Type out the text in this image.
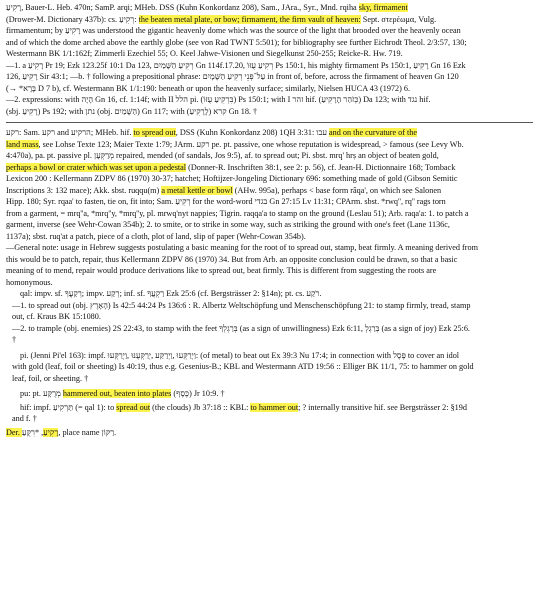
רָקִיעַ, Bauer-L. Heb. 470n; SamP. arqi; MHeb. DSS (Kuhn Konkordanz 208), Sam., JAra., Syr., Mnd. rqiha sky, firmament

(Drower-M. Dictionary 437b): cs. רְקִיעַ: the beaten metal plate, or bow; firmament, the firm vault of heaven: Sept. στερέωμα, Vulg.

firmamentum; by רָקִיעַ was understood the gigantic heavenly dome which was the source of the light that brooded over the heavenly ocean

and of which the dome arched above the earthly globe (see von Rad TWNT 5:501); for bibliography see further Eichrodt Theol. 2/3:57, 130;

Westermann BK 1/1:162f; Zimmerli Ezechiel 55; O. Keel Jahwe-Visionen und Siegelkunst 250-255; Reicke-R. Hw. 719.

—1. a רָקִיעַ Pr 19; Ezk 123.25f 10:1 Da 123, רְקִיעַ הַשָּׁמַיִם Gn 114f.17.20, רְקִיעַ עֻזּוֹ Ps 150:1, his mighty firmament Ps 150:1, רָקִיעַ Gn 16 Ezk

126, רָקִיעַ Sir 43:1; —b. † following a prepositional phrase: עַל־פְּנֵי רְקִיעַ הַשָּׁמָיִם in front of, before, across the firmament of heaven Gn 120

(→ *בָּרָא D 7 b), cf. Westermann BK 1/1:190: beneath or upon the heavenly surface; similarly, Nielsen HUCA 43 (1972) 6.

—2. expressions: with הָיָה Gn 16, cf. 1:14f; with II הלל pi. (בִּרְקִיעַ עֻזּוֹ) Ps 150:1; with I זהר hif. (כְּזֹהַר הָרָקִיעַ) Da 123; with נגד hif.

(sbj. רָקִיעַ) Ps 192; with נתן (obj. הַשָּׁמַיִם) Gn 117; with קרא (לָרָקִיעַ) Gn 18. †

רקע: Sam. רקע and הרקיע; MHeb. hif. to spread out, DSS (Kuhn Konkordanz 208) 1QH 3:31: עבו and on the curvature of the

land mass, see Lohse Texte 123; Maier Texte 1:79; JArm. רקע pe. pt. passive, one whose reputation is widespread, > famous (see Levy Wb.

4:470a), pa. pt. passive pl. מְרַקְּעָן repaired, mended (of sandals, Jos 9:5), af. to spread out; Pi. sbst. mrq' hrṣ an object of beaten gold,

perhaps a bowl or crater which was set upon a pedestal (Donner-R. Inschriften 38:1, see 2: p. 56), cf. Jean-H. Dictionnaire 168; Tomback

Lexicon 200 : Kellermann ZDPV 86 (1970) 30-37; hatchet; Hoftijzer-Jongeling Dictionary 696: something made of gold (Gibson Semitic

Inscriptions 3: 132 mace); Akk. sbst. ruqqu(m) a metal kettle or bowl (AHw. 995a), perhaps < base form râqa', on which see Salonen

Hipp. 180; Syr. rqaa' to fasten, tie on, fit into; Sam. רְקִיעַ for the word-word בגדי Gn 27:15 Lv 11:31; CPArm. sbst. *rwq'', rq'' rags torn

from a garment, = mrq''a, *mrq''y, *mrq''y, pl. mrwq'nyt nappies; Tigrin. raqqa'a to stamp on the ground (Leslau 51); Arb. raqa'a: 1. to patch a

garment, inverse (see Wehr-Cowan 354b); 2. to smite, or to strike in some way, such as striking the ground with one's feet (Lane 1136c,

1137a); sbst. ruq'at a patch, piece of a cloth, plot of land, slip of paper (Wehr-Cowan 354b).

—General note: usage in Hebrew suggests postulating a basic meaning for the root of to spread out, stamp, beat firmly. A meaning derived from

this would be to patch, repair, thus Kellermann ZDPV 86 (1970) 34. But from Arb. an opposite conclusion could be drawn, so that a basic

meaning of to mend, repair would produce derivations like to spread out, beat firmly. This is different from suggesting the roots are

homonymous.

qal: impv. sf. רְקַעֲךָ; impv. רְקַע; inf. sf. רַקְעֲךָ Ezk 25:6 (cf. Bergsträsser 2: §14n); pt. cs. רֹקַע.

—1. to spread out (obj. הָאָרֶץ) Is 42:5 44:24 Ps 136:6 : R. Albertz Weltschöpfung und Menschenschöpfung 21: to stamp firmly, tread, stamp

out, cf. Kraus BK 15:1080.

—2. to trample (obj. enemies) 2S 22:43, to stamp with the feet בְּרַגְלְךָ (as a sign of unwillingness) Ezk 6:11, בְּרַגְלְ (as a sign of joy) Ezk 25:6.

†

pi. (Jenni Pi'el 163): impf. וַיְרַקְּעוּ ,וַיְרַקַּע ,יְרַקְּעֶנּוּ ,וַיְרַקְּעוּ: (of metal) to beat out Ex 39:3 Nu 17:4; in connection with פֶּסֶל to cover an idol

with gold (leaf, foil or sheeting) Is 40:19, thus e.g. Gesenius-B.; KBL and Westermann ATD 19:56 :: Elliger BK 11/1, 75: to hammer on gold

leaf, foil, or sheeting. †

pu: pt. מְרֻקָּע hammered out, beaten into plates (כֶּסֶף) Jr 10:9. †

hif: impf. תַּרְקִיעַ (= qal 1): to spread out (the clouds) Jb 37:18 :: KBL: to hammer out; ? internally transitive hif. see Bergsträsser 2: §19d

and f. †

Der. רָקִיעַ, *רִקֻּעַ, place name רַקּוֹן.
